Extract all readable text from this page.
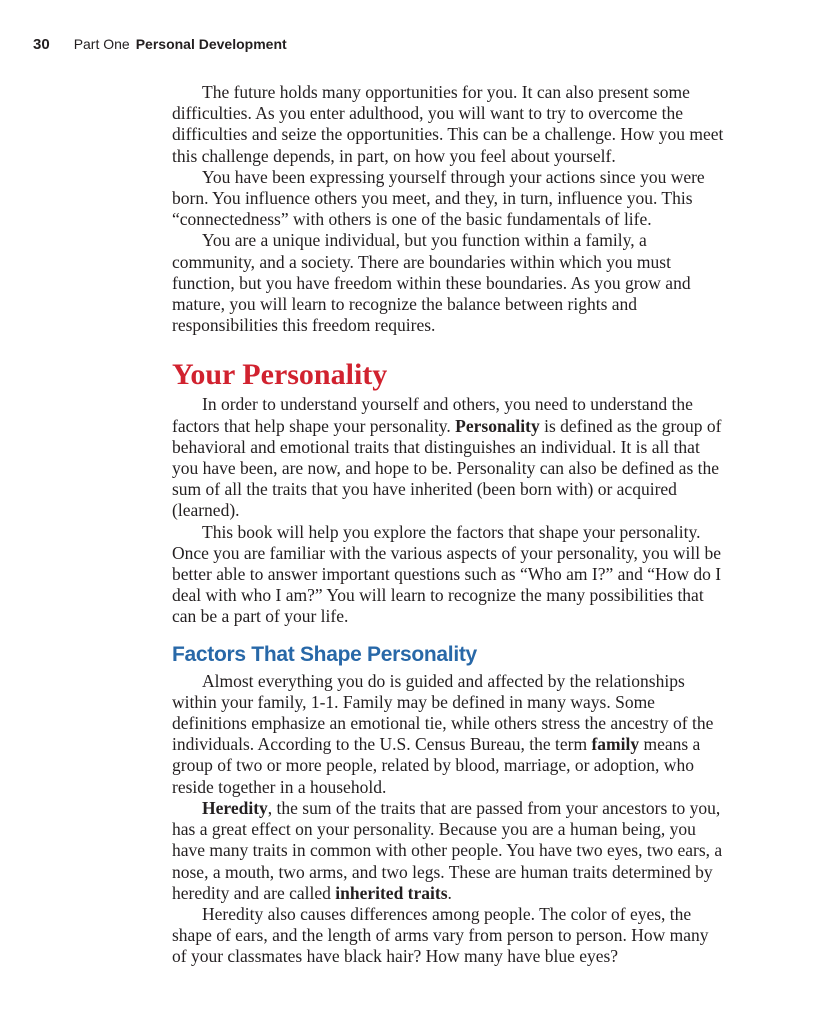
30 Part One Personal Development

The future holds many opportunities for you. It can also present some difficulties. As you enter adulthood, you will want to try to overcome the difficulties and seize the opportunities. This can be a challenge. How you meet this challenge depends, in part, on how you feel about yourself.

You have been expressing yourself through your actions since you were born. You influence others you meet, and they, in turn, influence you. This “connectedness” with others is one of the basic fundamentals of life.

You are a unique individual, but you function within a family, a community, and a society. There are boundaries within which you must function, but you have freedom within these boundaries. As you grow and mature, you will learn to recognize the balance between rights and responsibilities this freedom requires.

Your Personality

In order to understand yourself and others, you need to understand the factors that help shape your personality. Personality is defined as the group of behavioral and emotional traits that distinguishes an individual. It is all that you have been, are now, and hope to be. Personality can also be defined as the sum of all the traits that you have inherited (been born with) or acquired (learned).

This book will help you explore the factors that shape your personality. Once you are familiar with the various aspects of your personality, you will be better able to answer important questions such as “Who am I?” and “How do I deal with who I am?” You will learn to recognize the many possibilities that can be a part of your life.

Factors That Shape Personality

Almost everything you do is guided and affected by the relationships within your family, 1-1. Family may be defined in many ways. Some definitions emphasize an emotional tie, while others stress the ancestry of the individuals. According to the U.S. Census Bureau, the term family means a group of two or more people, related by blood, marriage, or adoption, who reside together in a household.

Heredity, the sum of the traits that are passed from your ancestors to you, has a great effect on your personality. Because you are a human being, you have many traits in common with other people. You have two eyes, two ears, a nose, a mouth, two arms, and two legs. These are human traits determined by heredity and are called inherited traits.

Heredity also causes differences among people. The color of eyes, the shape of ears, and the length of arms vary from person to person. How many of your classmates have black hair? How many have blue eyes?
